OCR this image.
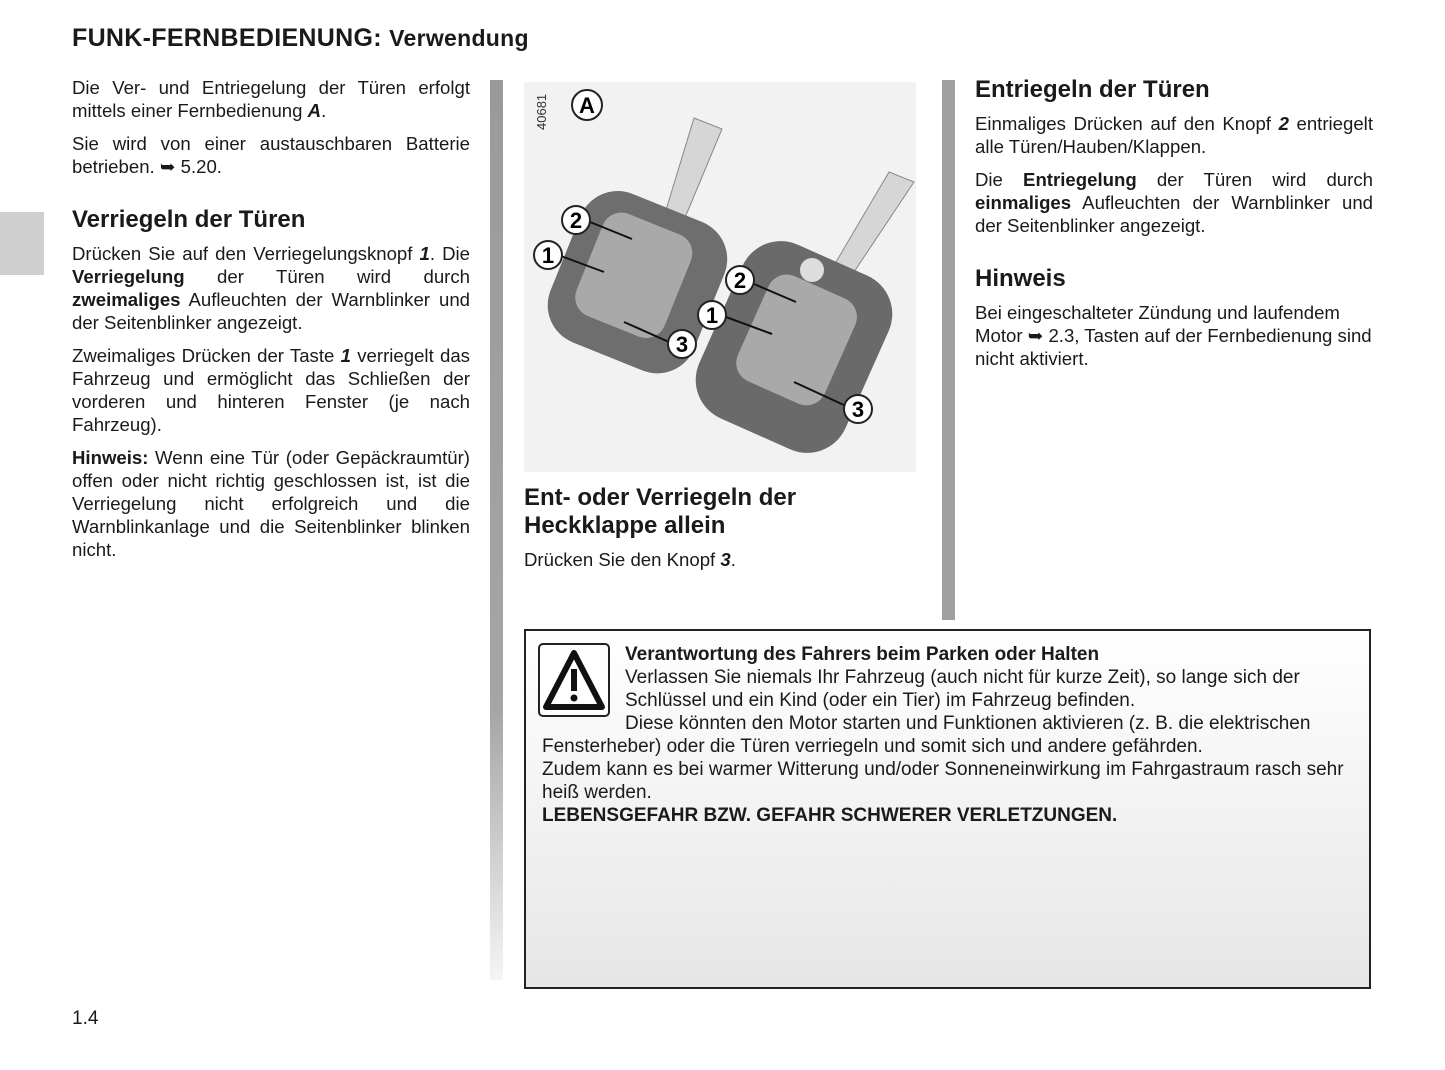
FUNK-FERNBEDIENUNG: Verwendung

Die Ver- und Entriegelung der Türen erfolgt mittels einer Fernbedienung A.

Sie wird von einer austauschbaren Batterie betrieben. ➥ 5.20.

Verriegeln der Türen

Drücken Sie auf den Verriegelungsknopf 1. Die Verriegelung der Türen wird durch zweimaliges Aufleuchten der Warnblinker und der Seitenblinker angezeigt.

Zweimaliges Drücken der Taste 1 verriegelt das Fahrzeug und ermöglicht das Schließen der vorderen und hinteren Fenster (je nach Fahrzeug).

Hinweis: Wenn eine Tür (oder Gepäckraumtür) offen oder nicht richtig geschlossen ist, ist die Verriegelung nicht erfolgreich und die Warnblinkanlage und die Seitenblinker blinken nicht.

40681 A
2
1
3
2
1
3
Ent- oder Verriegeln der Heckklappe allein

Drücken Sie den Knopf 3.

Entriegeln der Türen

Einmaliges Drücken auf den Knopf 2 entriegelt alle Türen/Hauben/Klappen.

Die Entriegelung der Türen wird durch einmaliges Aufleuchten der Warnblinker und der Seitenblinker angezeigt.

Hinweis

Bei eingeschalteter Zündung und laufendem Motor ➥ 2.3, Tasten auf der Fernbedienung sind nicht aktiviert.

Verantwortung des Fahrers beim Parken oder Halten
Verlassen Sie niemals Ihr Fahrzeug (auch nicht für kurze Zeit), so lange sich der Schlüssel und ein Kind (oder ein Tier) im Fahrzeug befinden.
Diese könnten den Motor starten und Funktionen aktivieren (z. B. die elektrischen Fensterheber) oder die Türen verriegeln und somit sich und andere gefährden.
Zudem kann es bei warmer Witterung und/oder Sonneneinwirkung im Fahrgastraum rasch sehr heiß werden.
LEBENSGEFAHR BZW. GEFAHR SCHWERER VERLETZUNGEN.
1.4
